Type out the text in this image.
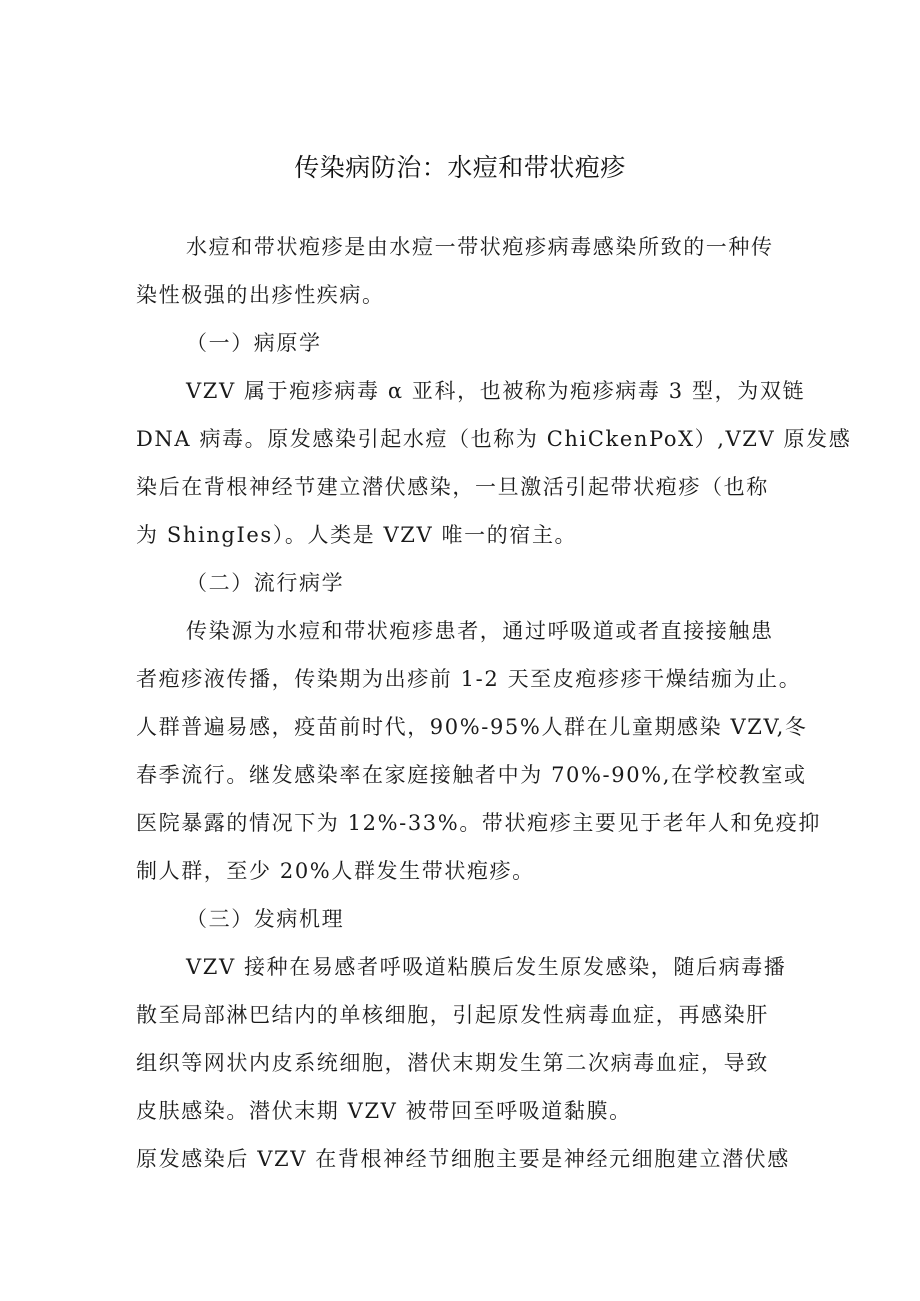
传染病防治：水痘和带状疱疹
水痘和带状疱疹是由水痘一带状疱疹病毒感染所致的一种传
染性极强的出疹性疾病。
（一）病原学
VZV 属于疱疹病毒 α 亚科，也被称为疱疹病毒 3 型，为双链
DNA 病毒。原发感染引起水痘（也称为 ChiCkenPoX）,VZV 原发感
染后在背根神经节建立潜伏感染，一旦激活引起带状疱疹（也称
为 ShingIes）。人类是 VZV 唯一的宿主。
（二）流行病学
传染源为水痘和带状疱疹患者，通过呼吸道或者直接接触患
者疱疹液传播，传染期为出疹前 1-2 天至皮疱疹疹干燥结痂为止。
人群普遍易感，疫苗前时代，90%-95%人群在儿童期感染 VZV,冬
春季流行。继发感染率在家庭接触者中为 70%-90%,在学校教室或
医院暴露的情况下为 12%-33%。带状疱疹主要见于老年人和免疫抑
制人群，至少 20%人群发生带状疱疹。
（三）发病机理
VZV 接种在易感者呼吸道粘膜后发生原发感染，随后病毒播
散至局部淋巴结内的单核细胞，引起原发性病毒血症，再感染肝
组织等网状内皮系统细胞，潜伏末期发生第二次病毒血症，导致
皮肤感染。潜伏末期 VZV 被带回至呼吸道黏膜。
原发感染后 VZV 在背根神经节细胞主要是神经元细胞建立潜伏感
